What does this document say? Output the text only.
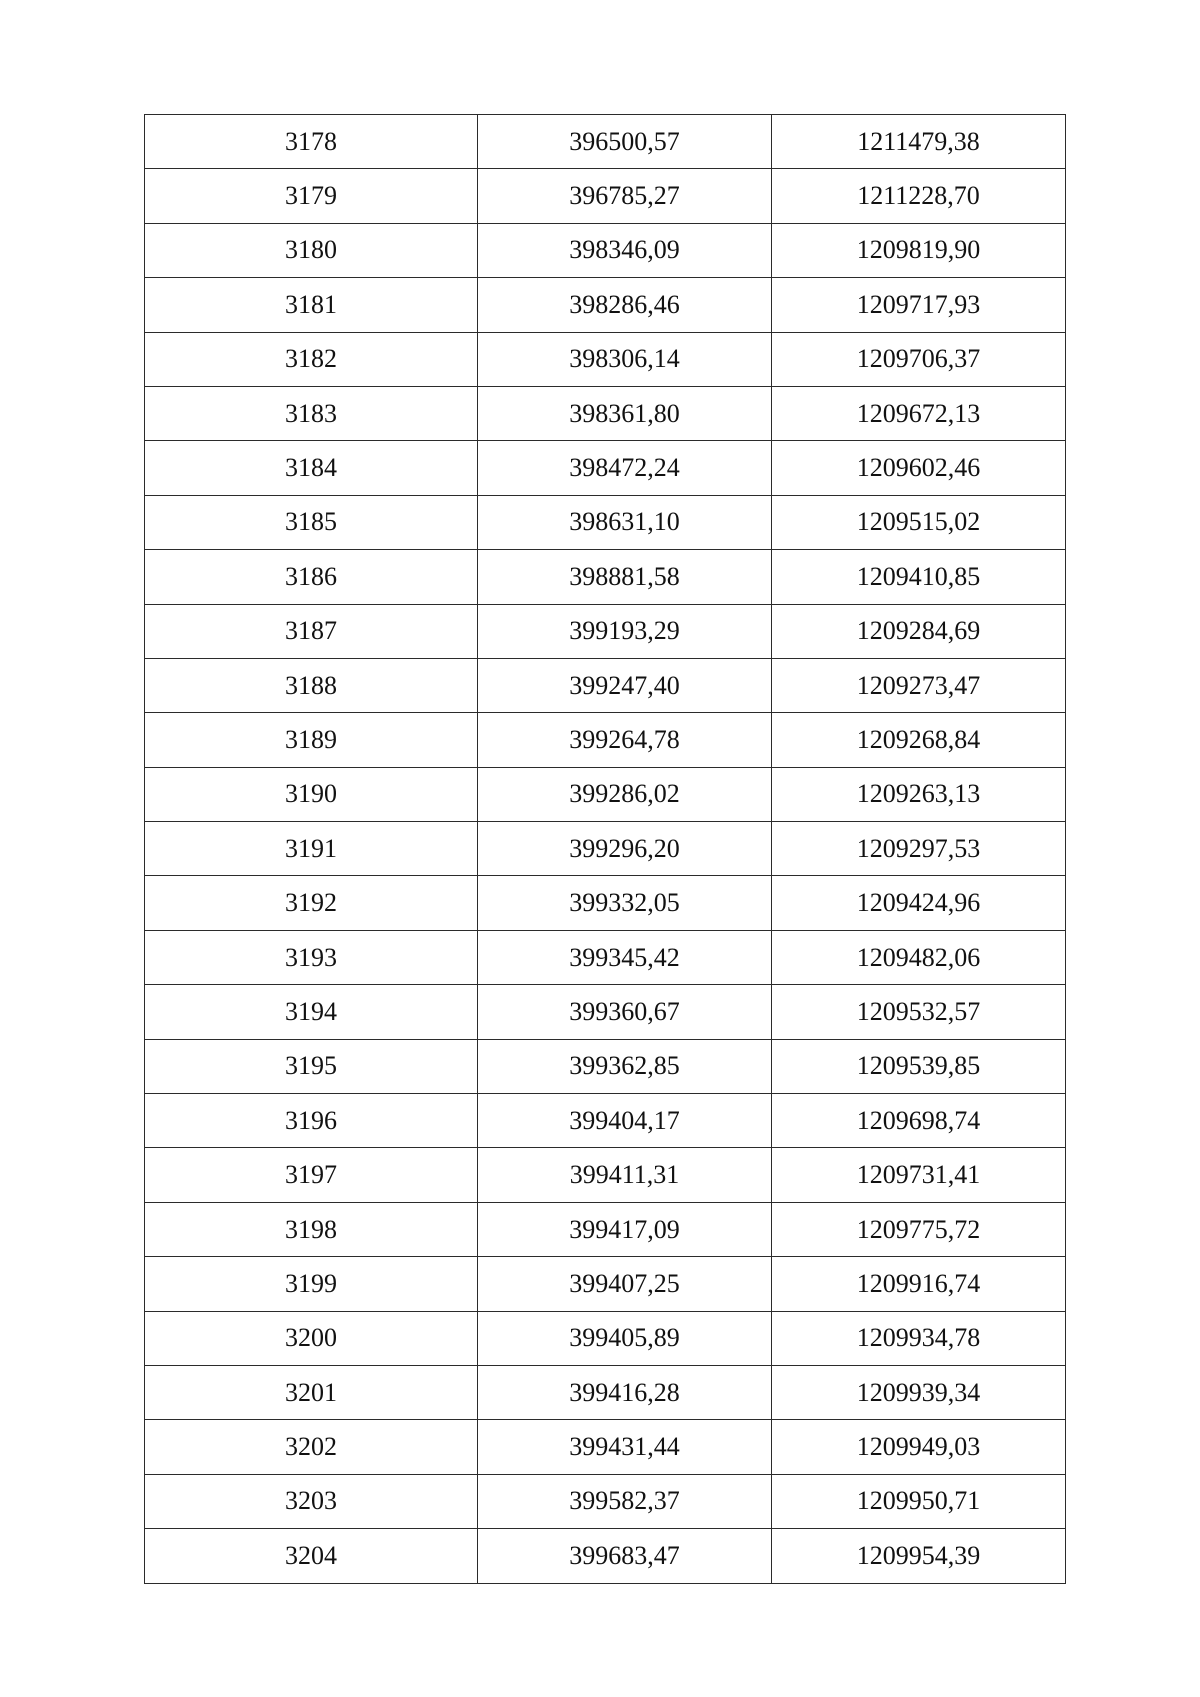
3178	396500,57	1211479,38
3179	396785,27	1211228,70
3180	398346,09	1209819,90
3181	398286,46	1209717,93
3182	398306,14	1209706,37
3183	398361,80	1209672,13
3184	398472,24	1209602,46
3185	398631,10	1209515,02
3186	398881,58	1209410,85
3187	399193,29	1209284,69
3188	399247,40	1209273,47
3189	399264,78	1209268,84
3190	399286,02	1209263,13
3191	399296,20	1209297,53
3192	399332,05	1209424,96
3193	399345,42	1209482,06
3194	399360,67	1209532,57
3195	399362,85	1209539,85
3196	399404,17	1209698,74
3197	399411,31	1209731,41
3198	399417,09	1209775,72
3199	399407,25	1209916,74
3200	399405,89	1209934,78
3201	399416,28	1209939,34
3202	399431,44	1209949,03
3203	399582,37	1209950,71
3204	399683,47	1209954,39
